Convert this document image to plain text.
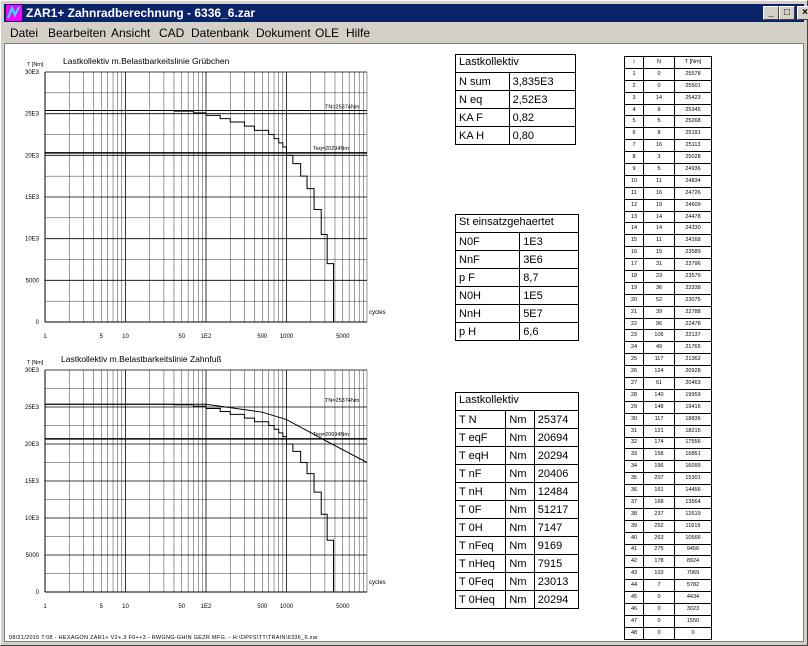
ZAR1+ Zahnradberechnung - 6336_6.zar	_	□	×
Datei Bearbeiten Ansicht CAD Datenbank Dokument OLE Hilfe
Lastkollektiv m.Belastbarkeitslinie Grübchen
30E3
25E3
20E3
15E3
10E3
5000
0
1	5	10	50	1E2	500 1000	5000
T [Nm]
cycles
TN=25374Nm
Teq=20294Nm
Lastkollektiv m.Belastbarkeitslinie Zahnfuß
30E3
25E3
20E3
15E3
10E3
5000
0
1	5	10	50	1E2	500 1000	5000
T [Nm]
cycles
TN=25374Nm
Teq=20694Nm
Lastkollektiv
N sum	3,835E3
N eq	2,52E3
KA F	0,82
KA H	0,80
St einsatzgehaertet
N0F	1E3
NnF	3E6
p F	8,7
N0H	1E5
NnH	5E7
p H	6,6
Lastkollektiv
T N	Nm	25374
T eqF	Nm	20694
T eqH	Nm	20294
T nF	Nm	20406
T nH	Nm	12484
T 0F	Nm	51217
T 0H	Nm	7147
T nFeq	Nm	9169
T nHeq	Nm	7915
T 0Feq	Nm	23013
T 0Heq	Nm	20294
i	N	T [Nm]
1	0	25578
2	0	25501
3	14	25423
4	8	25345
5	5	25268
6	8	25191
7	16	25113
8	3	25028
9	5	24936
10	11	24834
11	16	24726
12	19	24609
13	14	24478
14	14	24330
15	11	24168
16	15	23589
17	31	23796
18	23	23579
19	36	23338
20	52	23075
21	39	22788
22	96	22478
23	106	22137
24	49	21765
25	117	21362
26	124	20928
27	61	20463
28	140	19959
29	148	19416
30	117	18836
31	121	18215
32	174	17556
33	158	16851
34	196	16099
35	207	15301
36	161	14456
37	168	13564
38	237	12619
39	252	11619
40	263	10566
41	275	9456
42	178	8924
43	103	7069
44	7	5782
45	0	4434
46	0	3023
47	0	1550
48	0	0
08/21/2015 T:08 - HEXAGON ZAR1+ V2+.3 F0++3 - RWGNG-GHIN GEZR MFG. - H:\OPFS\TT\TRAIN\6336_6.zar
